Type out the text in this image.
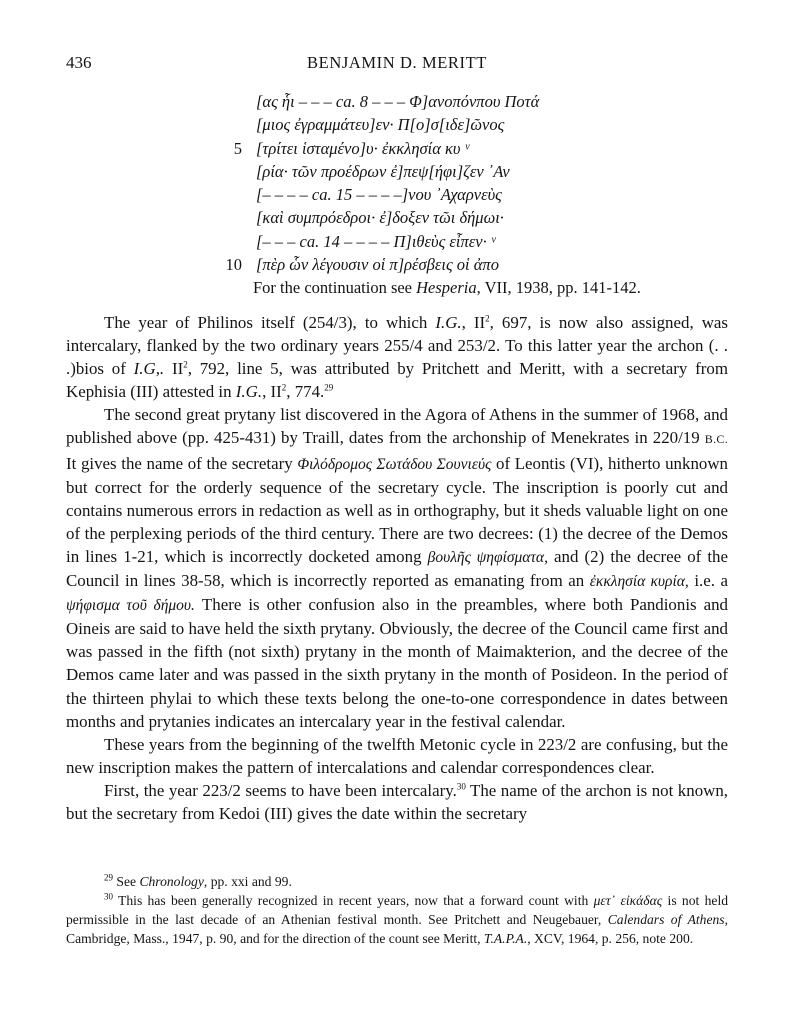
436	BENJAMIN D. MERITT
[ας ἧι – – – ca. 8 – – – Φ]ανοπόνπου Ποτά
[μιος ἐγραμμάτευ]εν· Π[ο]σ[ιδε]ῶνος
5 [τρίτει ἱσταμένο]υ· ἐκκλησία κυ ᵛ
[ρία· τῶν προέδρων ἐ]πεψ[ήφι]ζεν ᾿Αν
[– – – – ca. 15 – – – –]νου ᾿Αχαρνεὺς
[καὶ συμπρόεδροι· ἐ]δοξεν τῶι δήμωι·
[– – – ca. 14 – – – – Π]ιθεὺς εἶπεν· ᵛ
10 [πὲρ ὧν λέγουσιν οἱ π]ρέσβεις οἱ ἀπο
For the continuation see Hesperia, VII, 1938, pp. 141-142.

The year of Philinos itself (254/3), to which I.G., $II^2$, 697, is now also assigned, was intercalary, flanked by the two ordinary years 255/4 and 253/2. To this latter year the archon (. . .)bios of I.G,. $II^2$, 792, line 5, was attributed by Pritchett and Meritt, with a secretary from Kephisia (III) attested in I.G., $II^2$, 774.29

The second great prytany list discovered in the Agora of Athens in the summer of 1968, and published above (pp. 425-431) by Traill, dates from the archonship of Menekrates in 220/19 B.C. It gives the name of the secretary Φιλόδρομος Σωτάδου Σουνιεύς of Leontis (VI), hitherto unknown but correct for the orderly sequence of the secretary cycle. The inscription is poorly cut and contains numerous errors in redaction as well as in orthography, but it sheds valuable light on one of the perplexing periods of the third century. There are two decrees: (1) the decree of the Demos in lines 1-21, which is incorrectly docketed among βουλῆς ψηφίσματα, and (2) the decree of the Council in lines 38-58, which is incorrectly reported as emanating from an ἐκκλησία κυρία, i.e. a ψήφισμα τοῦ δήμου. There is other confusion also in the preambles, where both Pandionis and Oineis are said to have held the sixth prytany. Obviously, the decree of the Council came first and was passed in the fifth (not sixth) prytany in the month of Maimakterion, and the decree of the Demos came later and was passed in the sixth prytany in the month of Posideon. In the period of the thirteen phylai to which these texts belong the one-to-one correspondence in dates between months and prytanies indicates an intercalary year in the festival calendar.

These years from the beginning of the twelfth Metonic cycle in 223/2 are confusing, but the new inscription makes the pattern of intercalations and calendar correspondences clear.

First, the year 223/2 seems to have been intercalary.$^{30}$ The name of the archon is not known, but the secretary from Kedoi (III) gives the date within the secretary

$^{29}$ See Chronology, pp. xxi and 99.

$^{30}$ This has been generally recognized in recent years, now that a forward count with μετ᾿ εἰκάδας is not held permissible in the last decade of an Athenian festival month. See Pritchett and Neugebauer, Calendars of Athens, Cambridge, Mass., 1947, p. 90, and for the direction of the count see Meritt, T.A.P.A., XCV, 1964, p. 256, note 200.
